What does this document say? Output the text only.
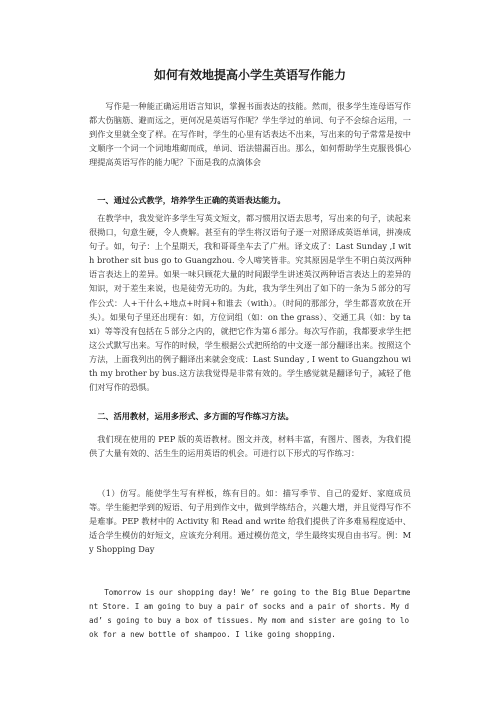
如何有效地提高小学生英语写作能力

写作是一种能正确运用语言知识，掌握书面表达的技能。然而，很多学生连母语写作都大伤脑筋、避而远之，更何况是英语写作呢？学生学过的单词、句子不会综合运用，一到作文里就全变了样。在写作时，学生的心里有话表达不出来，写出来的句子常常是按中文顺序一个词一个词地堆砌而成，单词、语法错漏百出。那么，如何帮助学生克服畏惧心理提高英语写作的能力呢？下面是我的点滴体会

一、通过公式教学，培养学生正确的英语表达能力。

在教学中，我发觉许多学生写英文短文，都习惯用汉语去思考，写出来的句子，读起来很拗口，句意生硬，令人费解。甚至有的学生将汉语句子逐一对照译成英语单词，拼凑成句子。如，句子：上个星期天，我和哥哥坐车去了广州。译文成了：Last Sunday ,I with brother sit bus go to Guangzhou. 令人啼笑皆非。究其原因是学生不明白英汉两种语言表达上的差异。如果一味只顾花大量的时间跟学生讲述英汉两种语言表达上的差异的知识，对于差生来说，也是徒劳无功的。为此，我为学生列出了如下的一条为５部分的写作公式：人+干什么+地点+时间+和谁去（with）。（时间的那部分，学生都喜欢放在开头）。如果句子里还出现有：如，方位词组（如：on the grass）、交通工具（如：by taxi）等等没有包括在５部分之内的，就把它作为第６部分。每次写作前，我都要求学生把这公式默写出来。写作的时候，学生根据公式把所给的中文逐一部分翻译出来。按照这个方法，上面我列出的例子翻译出来就会变成：Last Sunday , I went to Guangzhou with my brother by bus.这方法我觉得是非常有效的。学生感觉就是翻译句子，减轻了他们对写作的恐惧。

二、活用教材，运用多形式、多方面的写作练习方法。

我们现在使用的 PEP 版的英语教材。图文并茂，材料丰富，有图片、图表，为我们提供了大量有效的、活生生的运用英语的机会。可进行以下形式的写作练习：

（1）仿写。能使学生写有样板，练有目的。如：描写季节、自己的爱好、家庭成员等。学生能把学到的短语、句子用到作文中，做到学练结合，兴趣大增，并且觉得写作不是难事。PEP 教材中的 Activity 和 Read and write 给我们提供了许多难易程度适中、适合学生模仿的好短文，应该充分利用。通过模仿范文，学生最终实现自由书写。例：My Shopping Day

Tomorrow is our shopping day! We’ re going to the Big Blue Department Store. I am going to buy a pair of socks and a pair of shorts. My dad’ s going to buy a box of tissues. My mom and sister are going to look for a new bottle of shampoo. I like going shopping.
